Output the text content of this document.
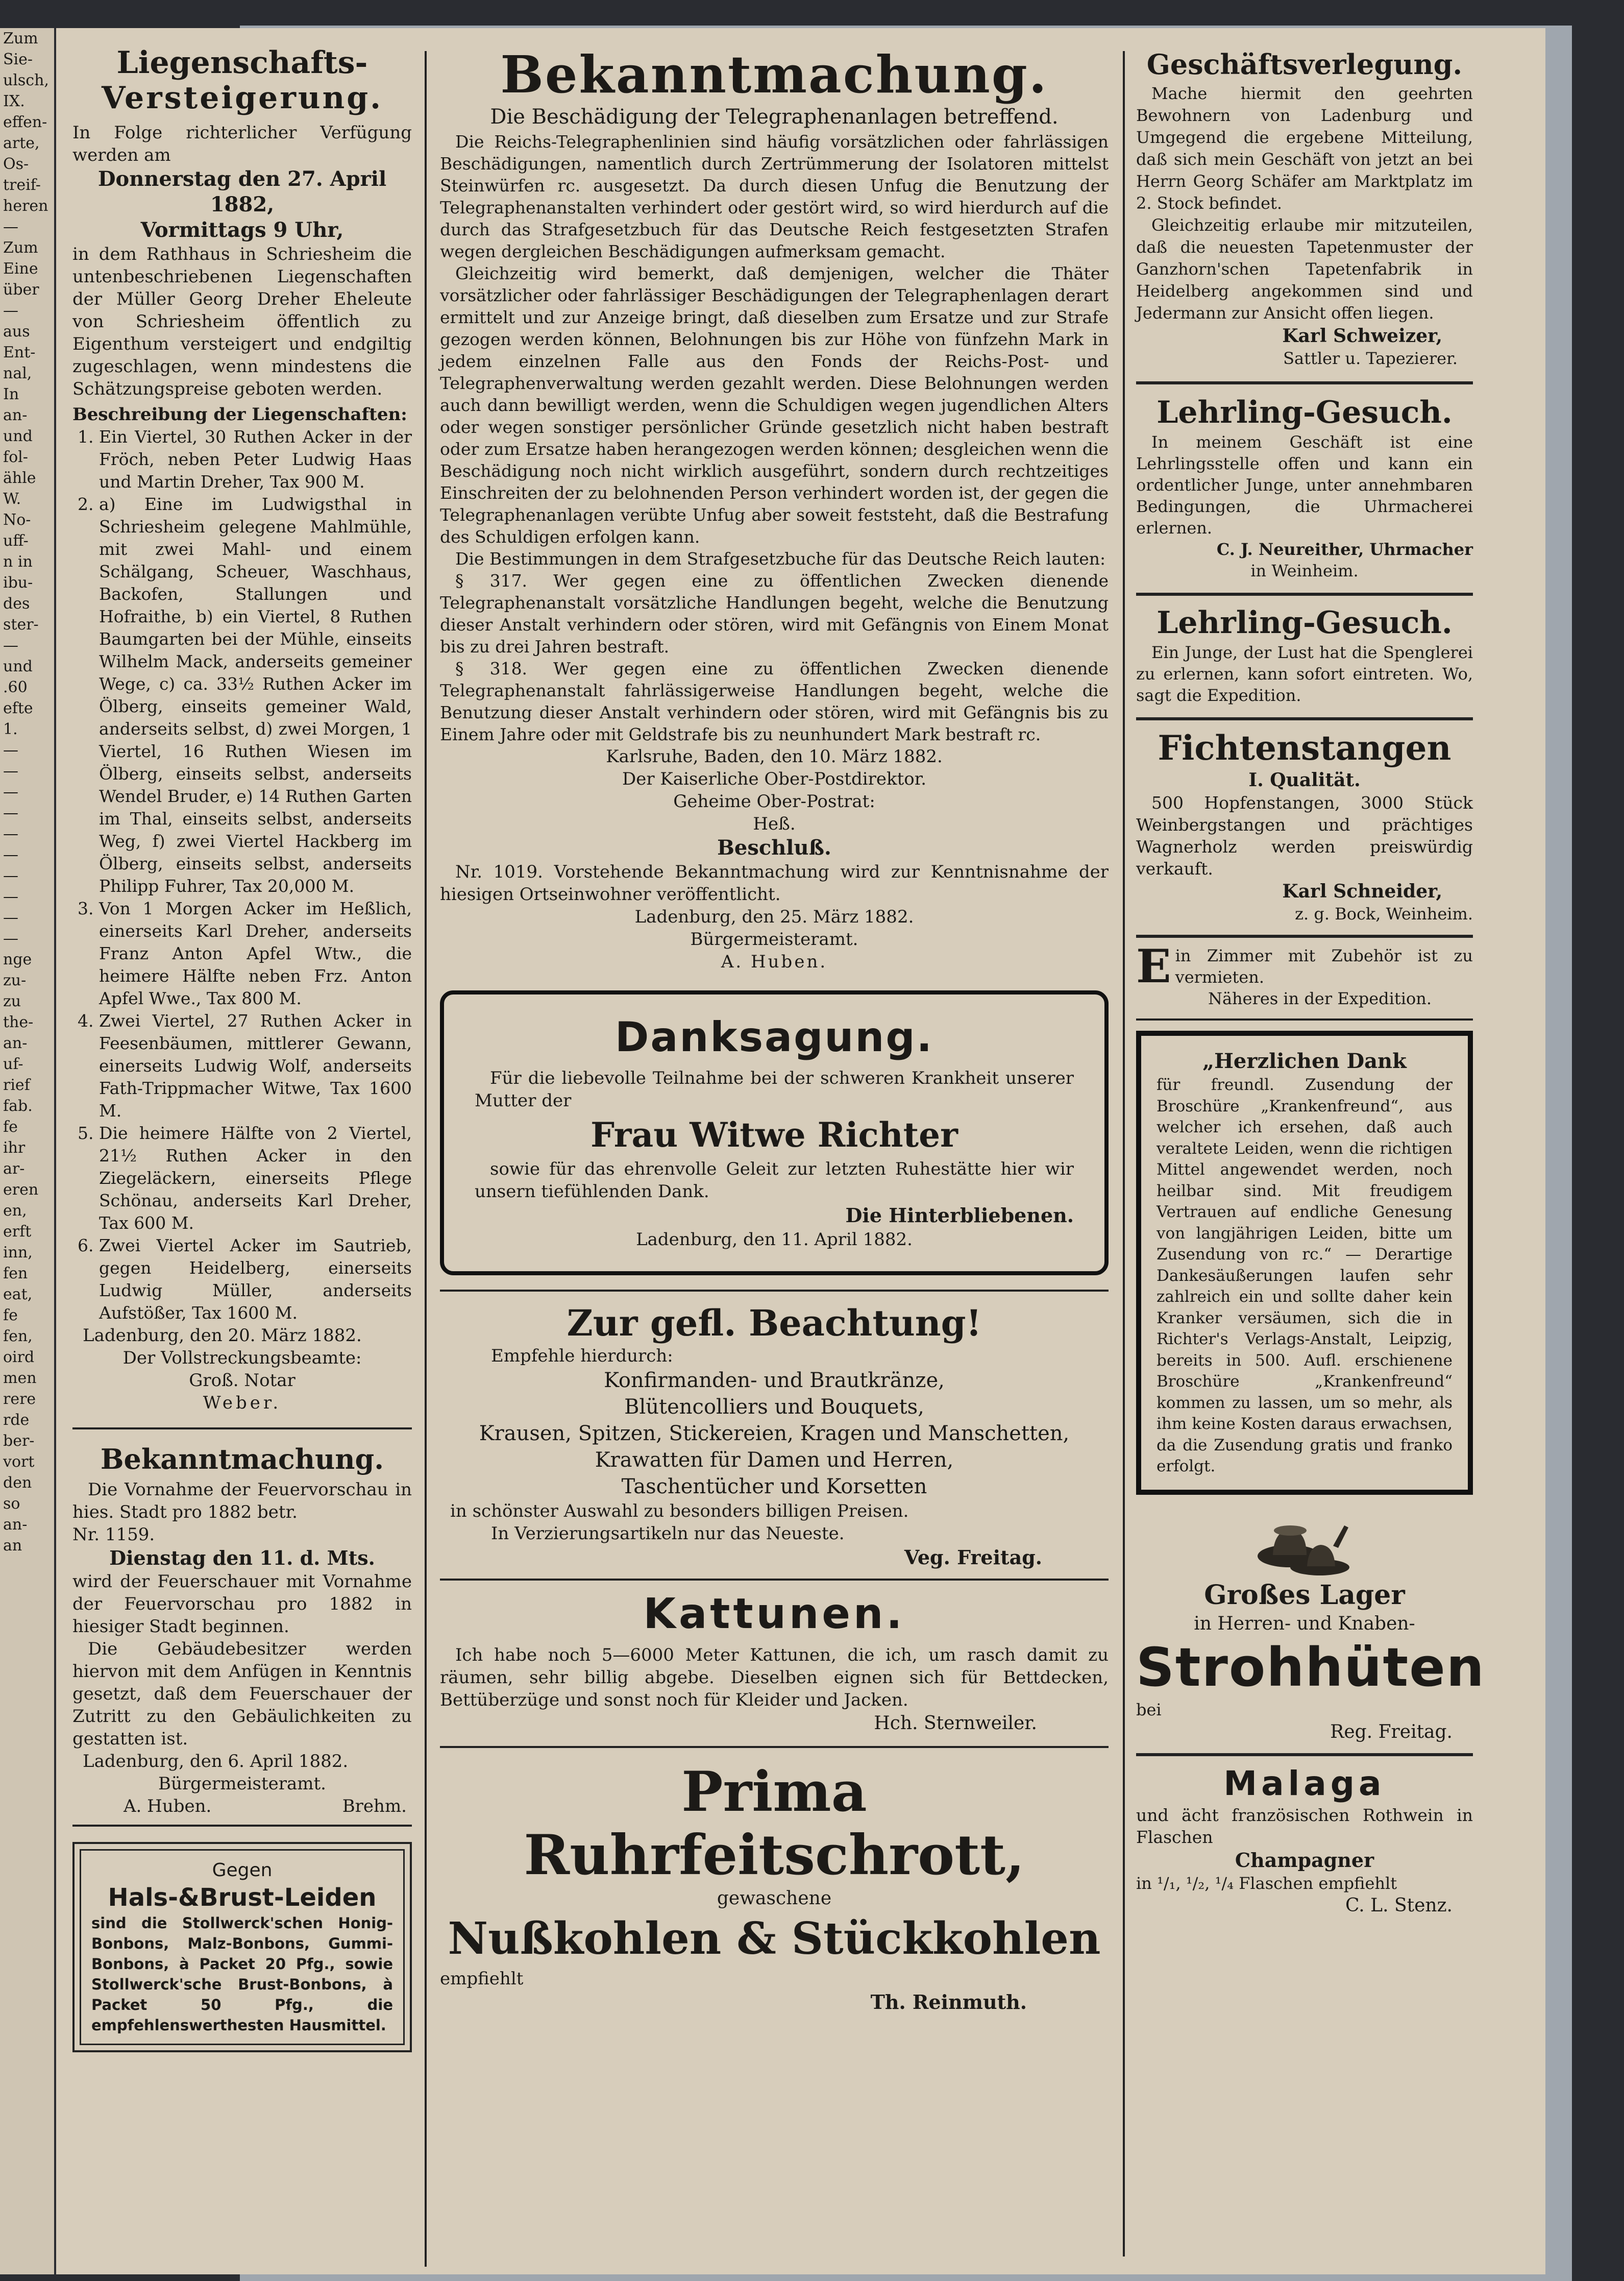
Zum
Sie-
ulsch,
IX.
effen-
arte,
Os-
treif-
heren
—
Zum
Eine
über
—
aus
Ent-
nal,
In
an-
und
fol-
ähle
W.
No-
uff-
n in
ibu-
des
ster-
—
und
.60
efte
1.
—
—
—
—
—
—
—
—
—
—
nge
zu-
zu
the-
an-
uf-
rief
fab.
fe
ihr
ar-
eren
en,
erft
inn,
fen
eat,
fe
fen,
oird
men
rere
rde
ber-
vort
den
so
an-
an
Liegenschafts-
Versteigerung.

In Folge richterlicher Verfügung werden am

Donnerstag den 27. April 1882,

Vormittags 9 Uhr,

in dem Rathhaus in Schriesheim die untenbeschriebenen Liegenschaften der Müller Georg Dreher Eheleute von Schriesheim öffentlich zu Eigenthum versteigert und endgiltig zugeschlagen, wenn mindestens die Schätzungspreise geboten werden.

Beschreibung der Liegenschaften:

1. Ein Viertel, 30 Ruthen Acker in der Fröch, neben Peter Ludwig Haas und Martin Dreher, Tax 900 M.
2. a) Eine im Ludwigsthal in Schriesheim gelegene Mahlmühle, mit zwei Mahl- und einem Schälgang, Scheuer, Waschhaus, Backofen, Stallungen und Hofraithe, b) ein Viertel, 8 Ruthen Baumgarten bei der Mühle, einseits Wilhelm Mack, anderseits gemeiner Wege, c) ca. 33½ Ruthen Acker im Ölberg, einseits gemeiner Wald, anderseits selbst, d) zwei Morgen, 1 Viertel, 16 Ruthen Wiesen im Ölberg, einseits selbst, anderseits Wendel Bruder, e) 14 Ruthen Garten im Thal, einseits selbst, anderseits Weg, f) zwei Viertel Hackberg im Ölberg, einseits selbst, anderseits Philipp Fuhrer, Tax 20,000 M.
3. Von 1 Morgen Acker im Heßlich, einerseits Karl Dreher, anderseits Franz Anton Apfel Wtw., die heimere Hälfte neben Frz. Anton Apfel Wwe., Tax 800 M.
4. Zwei Viertel, 27 Ruthen Acker in Feesenbäumen, mittlerer Gewann, einerseits Ludwig Wolf, anderseits Fath-Trippmacher Witwe, Tax 1600 M.
5. Die heimere Hälfte von 2 Viertel, 21½ Ruthen Acker in den Ziegeläckern, einerseits Pflege Schönau, anderseits Karl Dreher, Tax 600 M.
6. Zwei Viertel Acker im Sautrieb, gegen Heidelberg, einerseits Ludwig Müller, anderseits Aufstößer, Tax 1600 M.

Ladenburg, den 20. März 1882.

Der Vollstreckungsbeamte:

Groß. Notar

Weber.

Bekanntmachung.

Die Vornahme der Feuervorschau in hies. Stadt pro 1882 betr.

Nr. 1159.

Dienstag den 11. d. Mts.

wird der Feuerschauer mit Vornahme der Feuervorschau pro 1882 in hiesiger Stadt beginnen.

Die Gebäudebesitzer werden hiervon mit dem Anfügen in Kenntnis gesetzt, daß dem Feuerschauer der Zutritt zu den Gebäulichkeiten zu gestatten ist.

Ladenburg, den 6. April 1882.

Bürgermeisteramt.

A. Huben.	Brehm.

Gegen

Hals-&Brust-Leiden

sind die Stollwerck'schen Honig-Bonbons, Malz-Bonbons, Gummi-Bonbons, à Packet 20 Pfg., sowie Stollwerck'sche Brust-Bonbons, à Packet 50 Pfg., die empfehlenswerthesten Hausmittel.

Bekanntmachung.

Die Beschädigung der Telegraphenanlagen betreffend.

Die Reichs-Telegraphenlinien sind häufig vorsätzlichen oder fahrlässigen Beschädigungen, namentlich durch Zertrümmerung der Isolatoren mittelst Steinwürfen rc. ausgesetzt. Da durch diesen Unfug die Benutzung der Telegraphenanstalten verhindert oder gestört wird, so wird hierdurch auf die durch das Strafgesetzbuch für das Deutsche Reich festgesetzten Strafen wegen dergleichen Beschädigungen aufmerksam gemacht.

Gleichzeitig wird bemerkt, daß demjenigen, welcher die Thäter vorsätzlicher oder fahrlässiger Beschädigungen der Telegraphenlagen derart ermittelt und zur Anzeige bringt, daß dieselben zum Ersatze und zur Strafe gezogen werden können, Belohnungen bis zur Höhe von fünfzehn Mark in jedem einzelnen Falle aus den Fonds der Reichs-Post- und Telegraphenverwaltung werden gezahlt werden. Diese Belohnungen werden auch dann bewilligt werden, wenn die Schuldigen wegen jugendlichen Alters oder wegen sonstiger persönlicher Gründe gesetzlich nicht haben bestraft oder zum Ersatze haben herangezogen werden können; desgleichen wenn die Beschädigung noch nicht wirklich ausgeführt, sondern durch rechtzeitiges Einschreiten der zu belohnenden Person verhindert worden ist, der gegen die Telegraphenanlagen verübte Unfug aber soweit feststeht, daß die Bestrafung des Schuldigen erfolgen kann.

Die Bestimmungen in dem Strafgesetzbuche für das Deutsche Reich lauten:

§ 317. Wer gegen eine zu öffentlichen Zwecken dienende Telegraphenanstalt vorsätzliche Handlungen begeht, welche die Benutzung dieser Anstalt verhindern oder stören, wird mit Gefängnis von Einem Monat bis zu drei Jahren bestraft.

§ 318. Wer gegen eine zu öffentlichen Zwecken dienende Telegraphenanstalt fahrlässigerweise Handlungen begeht, welche die Benutzung dieser Anstalt verhindern oder stören, wird mit Gefängnis bis zu Einem Jahre oder mit Geldstrafe bis zu neunhundert Mark bestraft rc.

Karlsruhe, Baden, den 10. März 1882.

Der Kaiserliche Ober-Postdirektor.

Geheime Ober-Postrat:

Heß.

Beschluß.

Nr. 1019. Vorstehende Bekanntmachung wird zur Kenntnisnahme der hiesigen Ortseinwohner veröffentlicht.

Ladenburg, den 25. März 1882.

Bürgermeisteramt.

A. Huben.

Danksagung.

Für die liebevolle Teilnahme bei der schweren Krankheit unserer Mutter der

Frau Witwe Richter

sowie für das ehrenvolle Geleit zur letzten Ruhestätte hier wir unsern tiefühlenden Dank.

Die Hinterbliebenen.

Ladenburg, den 11. April 1882.

Zur gefl. Beachtung!

Empfehle hierdurch:

Konfirmanden- und Brautkränze,

Blütencolliers und Bouquets,

Krausen, Spitzen, Stickereien, Kragen und Manschetten,

Krawatten für Damen und Herren,

Taschentücher und Korsetten

in schönster Auswahl zu besonders billigen Preisen.

In Verzierungsartikeln nur das Neueste.

Veg. Freitag.

Kattunen.

Ich habe noch 5—6000 Meter Kattunen, die ich, um rasch damit zu räumen, sehr billig abgebe. Dieselben eignen sich für Bettdecken, Bettüberzüge und sonst noch für Kleider und Jacken.

Hch. Sternweiler.

Prima Ruhrfeitschrott,

gewaschene

Nußkohlen & Stückkohlen

empfiehlt

Th. Reinmuth.

Geschäftsverlegung.

Mache hiermit den geehrten Bewohnern von Ladenburg und Umgegend die ergebene Mitteilung, daß sich mein Geschäft von jetzt an bei Herrn Georg Schäfer am Marktplatz im 2. Stock befindet.

Gleichzeitig erlaube mir mitzuteilen, daß die neuesten Tapetenmuster der Ganzhorn'schen Tapetenfabrik in Heidelberg angekommen sind und Jedermann zur Ansicht offen liegen.

Karl Schweizer,

Sattler u. Tapezierer.

Lehrling-Gesuch.

In meinem Geschäft ist eine Lehrlingsstelle offen und kann ein ordentlicher Junge, unter annehmbaren Bedingungen, die Uhrmacherei erlernen.

C. J. Neureither, Uhrmacher

in Weinheim.

Lehrling-Gesuch.

Ein Junge, der Lust hat die Spenglerei zu erlernen, kann sofort eintreten. Wo, sagt die Expedition.

Fichtenstangen

I. Qualität.

500 Hopfenstangen, 3000 Stück Weinbergstangen und prächtiges Wagnerholz werden preiswürdig verkauft.

Karl Schneider,

z. g. Bock, Weinheim.

E in Zimmer mit Zubehör ist zu vermieten.

Näheres in der Expedition.

„Herzlichen Dank

für freundl. Zusendung der Broschüre „Krankenfreund“, aus welcher ich ersehen, daß auch veraltete Leiden, wenn die richtigen Mittel angewendet werden, noch heilbar sind. Mit freudigem Vertrauen auf endliche Genesung von langjährigen Leiden, bitte um Zusendung von rc.“ — Derartige Dankesäußerungen laufen sehr zahlreich ein und sollte daher kein Kranker versäumen, sich die in Richter's Verlags-Anstalt, Leipzig, bereits in 500. Aufl. erschienene Broschüre „Krankenfreund“ kommen zu lassen, um so mehr, als ihm keine Kosten daraus erwachsen, da die Zusendung gratis und franko erfolgt.

Großes Lager

in Herren- und Knaben-

Strohhüten

bei

Reg. Freitag.

Malaga

und ächt französischen Rothwein in Flaschen

Champagner

in ¹/₁, ¹/₂, ¹/₄ Flaschen empfiehlt

C. L. Stenz.
